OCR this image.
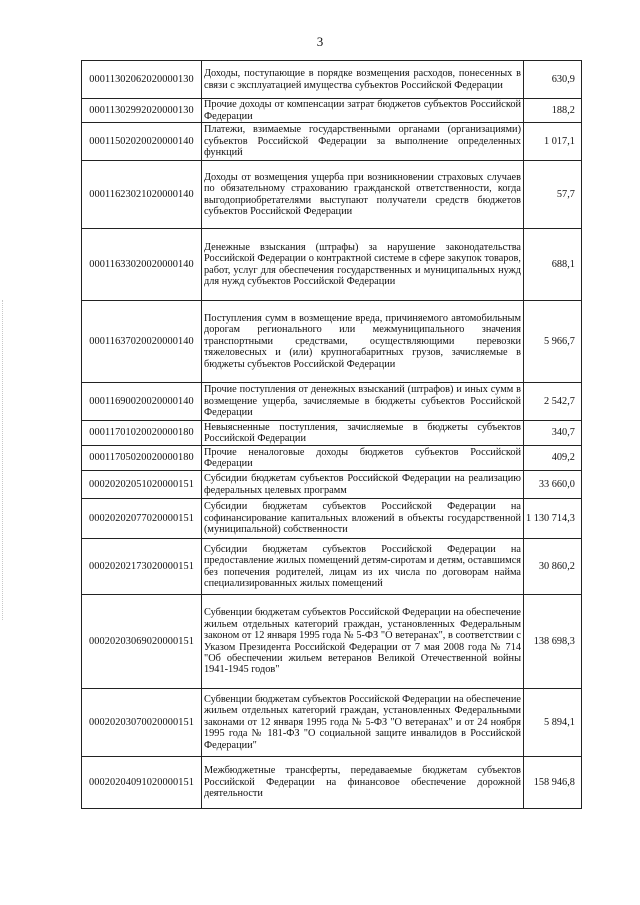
3
00011302062020000130	Доходы, поступающие в порядке возмещения расходов, понесенных в связи с эксплуатацией имущества субъектов Российской Федерации	630,9
00011302992020000130	Прочие доходы от компенсации затрат бюджетов субъектов Российской Федерации	188,2
00011502020020000140	Платежи, взимаемые государственными органами (организациями) субъектов Российской Федерации за выполнение определенных функций	1 017,1
00011623021020000140	Доходы от возмещения ущерба при возникновении страховых случаев по обязательному страхованию гражданской ответственности, когда выгодоприобретателями выступают получатели средств бюджетов субъектов Российской Федерации	57,7
00011633020020000140	Денежные взыскания (штрафы) за нарушение законодательства Российской Федерации о контрактной системе в сфере закупок товаров, работ, услуг для обеспечения государственных и муниципальных нужд для нужд субъектов Российской Федерации	688,1
00011637020020000140	Поступления сумм в возмещение вреда, причиняемого автомобильным дорогам регионального или межмуниципального значения транспортными средствами, осуществляющими перевозки тяжеловесных и (или) крупногабаритных грузов, зачисляемые в бюджеты субъектов Российской Федерации	5 966,7
00011690020020000140	Прочие поступления от денежных взысканий (штрафов) и иных сумм в возмещение ущерба, зачисляемые в бюджеты субъектов Российской Федерации	2 542,7
00011701020020000180	Невыясненные поступления, зачисляемые в бюджеты субъектов Российской Федерации	340,7
00011705020020000180	Прочие неналоговые доходы бюджетов субъектов Российской Федерации	409,2
00020202051020000151	Субсидии бюджетам субъектов Российской Федерации на реализацию федеральных целевых программ	33 660,0
00020202077020000151	Субсидии бюджетам субъектов Российской Федерации на софинансирование капитальных вложений в объекты государственной (муниципальной) собственности	1 130 714,3
00020202173020000151	Субсидии бюджетам субъектов Российской Федерации на предоставление жилых помещений детям-сиротам и детям, оставшимся без попечения родителей, лицам из их числа по договорам найма специализированных жилых помещений	30 860,2
00020203069020000151	Субвенции бюджетам субъектов Российской Федерации на обеспечение жильем отдельных категорий граждан, установленных Федеральным законом от 12 января 1995 года № 5-ФЗ "О ветеранах", в соответствии с Указом Президента Российской Федерации от 7 мая 2008 года № 714 "Об обеспечении жильем ветеранов Великой Отечественной войны 1941-1945 годов"	138 698,3
00020203070020000151	Субвенции бюджетам субъектов Российской Федерации на обеспечение жильем отдельных категорий граждан, установленных Федеральными законами от 12 января 1995 года № 5-ФЗ "О ветеранах" и от 24 ноября 1995 года № 181-ФЗ "О социальной защите инвалидов в Российской Федерации"	5 894,1
00020204091020000151	Межбюджетные трансферты, передаваемые бюджетам субъектов Российской Федерации на финансовое обеспечение дорожной деятельности	158 946,8
